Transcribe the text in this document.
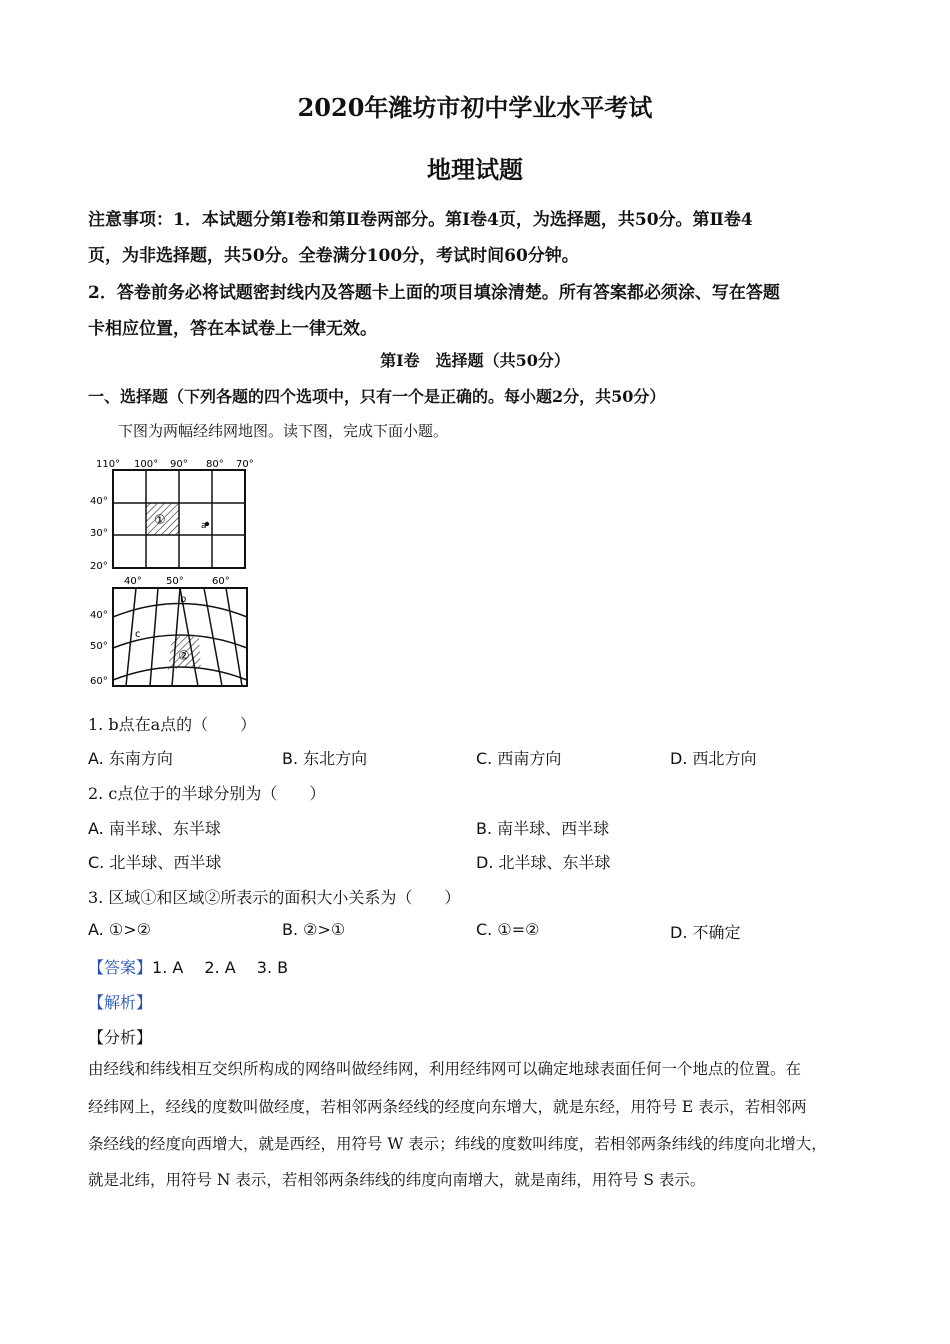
2020年潍坊市初中学业水平考试
地理试题
注意事项：1．本试题分第Ⅰ卷和第Ⅱ卷两部分。第Ⅰ卷4页，为选择题，共50分。第Ⅱ卷4
页，为非选择题，共50分。全卷满分100分，考试时间60分钟。
2．答卷前务必将试题密封线内及答题卡上面的项目填涂清楚。所有答案都必须涂、写在答题
卡相应位置，答在本试卷上一律无效。
第Ⅰ卷　选择题（共50分）
一、选择题（下列各题的四个选项中，只有一个是正确的。每小题2分，共50分）
下图为两幅经纬网地图。读下图，完成下面小题。
110° 100° 90° 80° 70°
40°
30°
20°
①	a
40° 50°	60°
40°
50°
60°
b
c
②
1. b点在a点的（　　）
A. 东南方向	B. 东北方向	C. 西南方向	D. 西北方向
2. c点位于的半球分别为（　　）
A. 南半球、东半球	B. 南半球、西半球
C. 北半球、西半球	D. 北半球、东半球
3. 区域①和区域②所表示的面积大小关系为（　　）
A. ①>②	B. ②>①	C. ①=②	D. 不确定
【答案】1. A　 2. A　 3. B
【解析】
【分析】
由经线和纬线相互交织所构成的网络叫做经纬网，利用经纬网可以确定地球表面任何一个地点的位置。在
经纬网上，经线的度数叫做经度，若相邻两条经线的经度向东增大，就是东经，用符号 E 表示，若相邻两
条经线的经度向西增大，就是西经，用符号 W 表示；纬线的度数叫纬度，若相邻两条纬线的纬度向北增大，
就是北纬，用符号 N 表示，若相邻两条纬线的纬度向南增大，就是南纬，用符号 S 表示。
